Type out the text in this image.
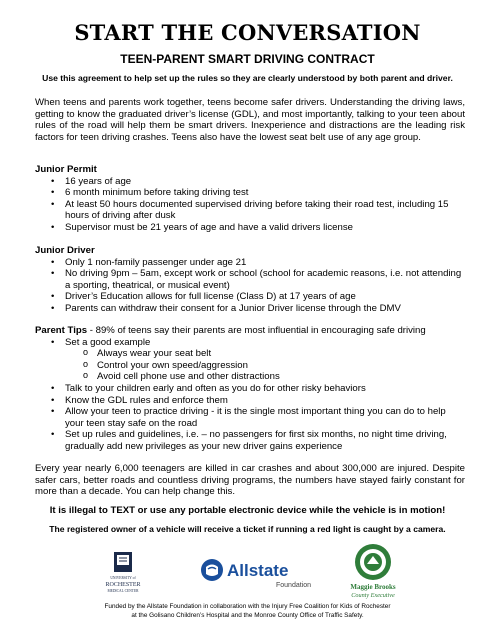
START THE CONVERSATION
TEEN-PARENT SMART DRIVING CONTRACT
Use this agreement to help set up the rules so they are clearly understood by both parent and driver.

When teens and parents work together, teens become safer drivers. Understanding the driving laws, getting to know the graduated driver’s license (GDL), and most importantly, talking to your teen about rules of the road will help them be smart drivers. Inexperience and distractions are the leading risk factors for teen driving crashes. Teens also have the lowest seat belt use of any age group.

Junior Permit
• 16 years of age
• 6 month minimum before taking driving test
• At least 50 hours documented supervised driving before taking their road test, including 15 hours of driving after dusk
• Supervisor must be 21 years of age and have a valid drivers license
Junior Driver
• Only 1 non-family passenger under age 21
• No driving 9pm – 5am, except work or school (school for academic reasons, i.e. not attending a sporting, theatrical, or musical event)
• Driver’s Education allows for full license (Class D) at 17 years of age
• Parents can withdraw their consent for a Junior Driver license through the DMV
Parent Tips - 89% of teens say their parents are most influential in encouraging safe driving
• Set a good example
o Always wear your seat belt
o Control your own speed/aggression
o Avoid cell phone use and other distractions
• Talk to your children early and often as you do for other risky behaviors
• Know the GDL rules and enforce them
• Allow your teen to practice driving - it is the single most important thing you can do to help your teen stay safe on the road
• Set up rules and guidelines, i.e. – no passengers for first six months, no night time driving, gradually add new privileges as your new driver gains experience

Every year nearly 6,000 teenagers are killed in car crashes and about 300,000 are injured. Despite safer cars, better roads and countless driving programs, the numbers have stayed fairly constant for more than a decade. You can help change this.

It is illegal to TEXT or use any portable electronic device while the vehicle is in motion!
The registered owner of a vehicle will receive a ticket if running a red light is caught by a camera.
UNIVERSITY of
ROCHESTER
MEDICAL CENTER
Allstate
Foundation	Maggie Brooks
County Executive
Funded by the Allstate Foundation in collaboration with the Injury Free Coalition for Kids of Rochester
at the Golisano Children’s Hospital and the Monroe County Office of Traffic Safety.
